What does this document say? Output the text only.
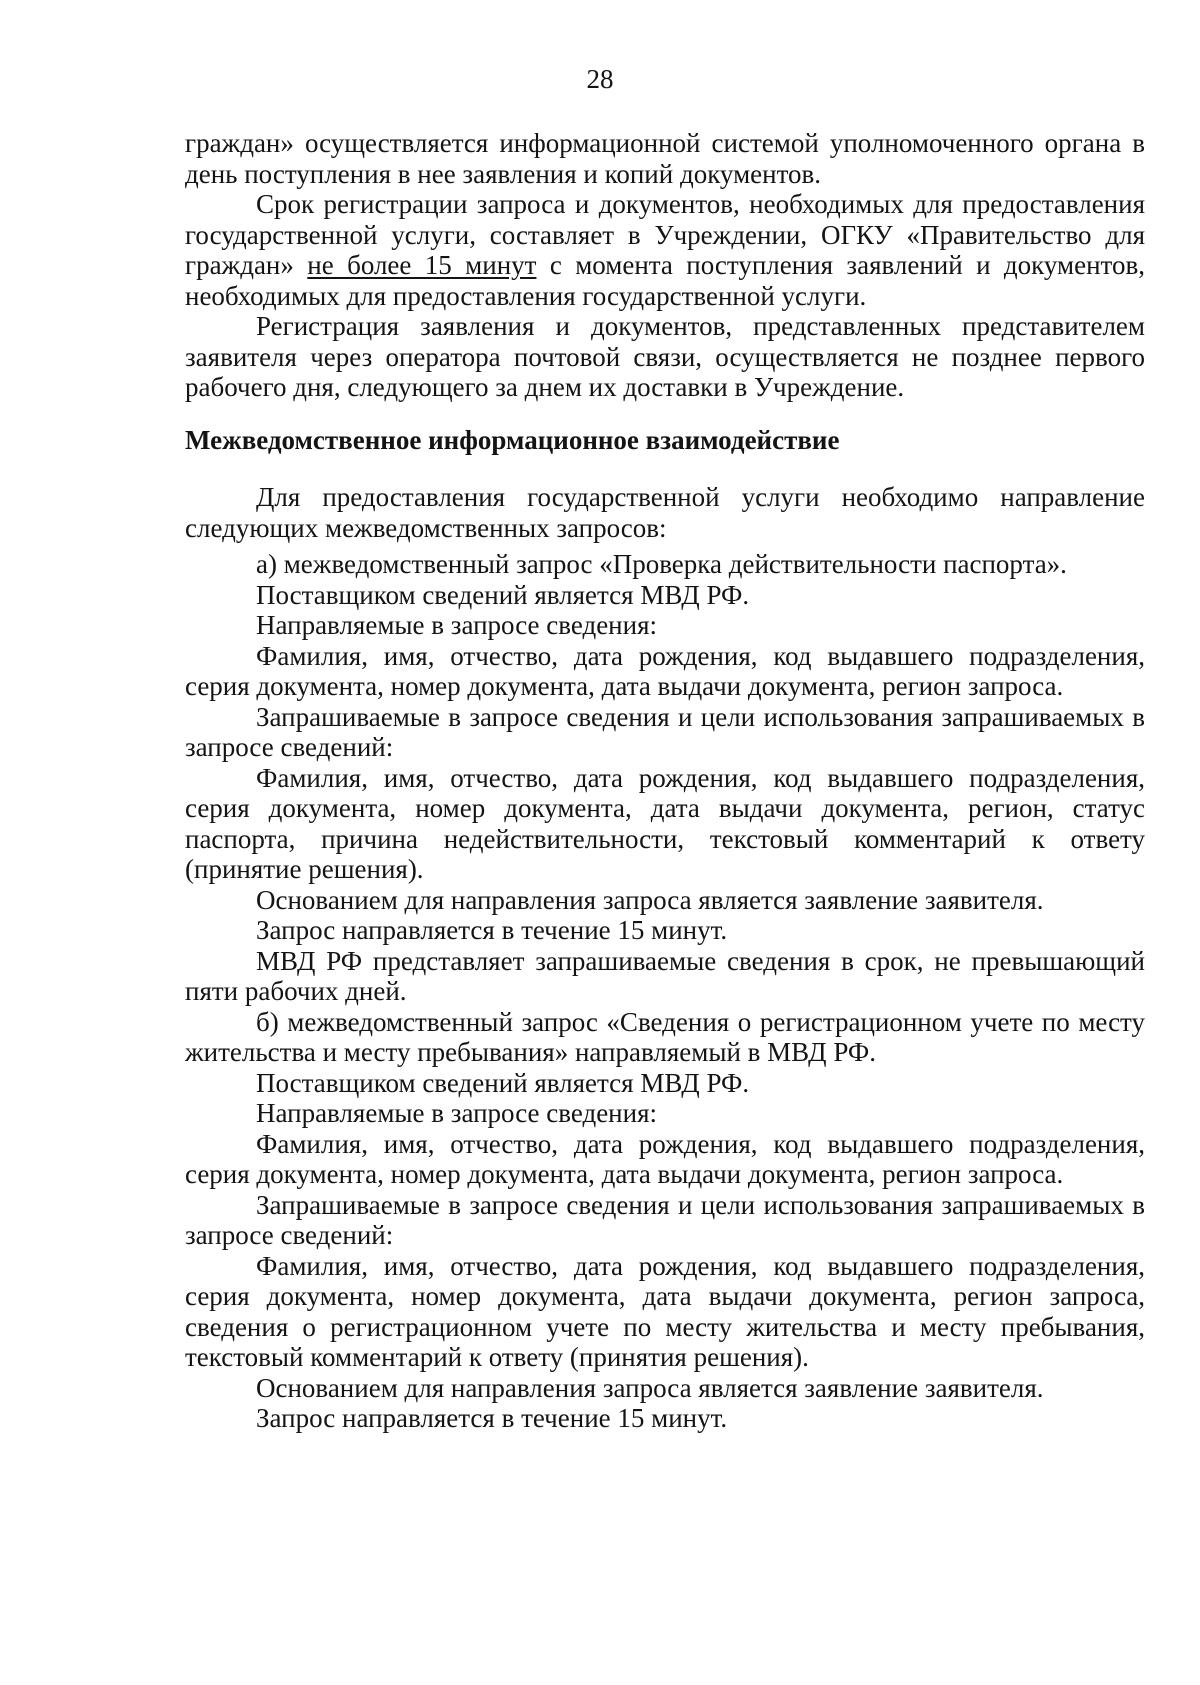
28

граждан» осуществляется информационной системой уполномоченного органа в день поступления в нее заявления и копий документов.

Срок регистрации запроса и документов, необходимых для предоставления государственной услуги, составляет в Учреждении, ОГКУ «Правительство для граждан» не более 15 минут с момента поступления заявлений и документов, необходимых для предоставления государственной услуги.

Регистрация заявления и документов, представленных представителем заявителя через оператора почтовой связи, осуществляется не позднее первого рабочего дня, следующего за днем их доставки в Учреждение.

Межведомственное информационное взаимодействие

Для предоставления государственной услуги необходимо направление следующих межведомственных запросов:

а) межведомственный запрос «Проверка действительности паспорта».

Поставщиком сведений является МВД РФ.

Направляемые в запросе сведения:

Фамилия, имя, отчество, дата рождения, код выдавшего подразделения, серия документа, номер документа, дата выдачи документа, регион запроса.

Запрашиваемые в запросе сведения и цели использования запрашиваемых в запросе сведений:

Фамилия, имя, отчество, дата рождения, код выдавшего подразделения, серия документа, номер документа, дата выдачи документа, регион, статус паспорта, причина недействительности, текстовый комментарий к ответу (принятие решения).

Основанием для направления запроса является заявление заявителя.

Запрос направляется в течение 15 минут.

МВД РФ представляет запрашиваемые сведения в срок, не превышающий пяти рабочих дней.

б) межведомственный запрос «Сведения о регистрационном учете по месту жительства и месту пребывания» направляемый в МВД РФ.

Поставщиком сведений является МВД РФ.

Направляемые в запросе сведения:

Фамилия, имя, отчество, дата рождения, код выдавшего подразделения, серия документа, номер документа, дата выдачи документа, регион запроса.

Запрашиваемые в запросе сведения и цели использования запрашиваемых в запросе сведений:

Фамилия, имя, отчество, дата рождения, код выдавшего подразделения, серия документа, номер документа, дата выдачи документа, регион запроса, сведения о регистрационном учете по месту жительства и месту пребывания, текстовый комментарий к ответу (принятия решения).

Основанием для направления запроса является заявление заявителя.

Запрос направляется в течение 15 минут.
